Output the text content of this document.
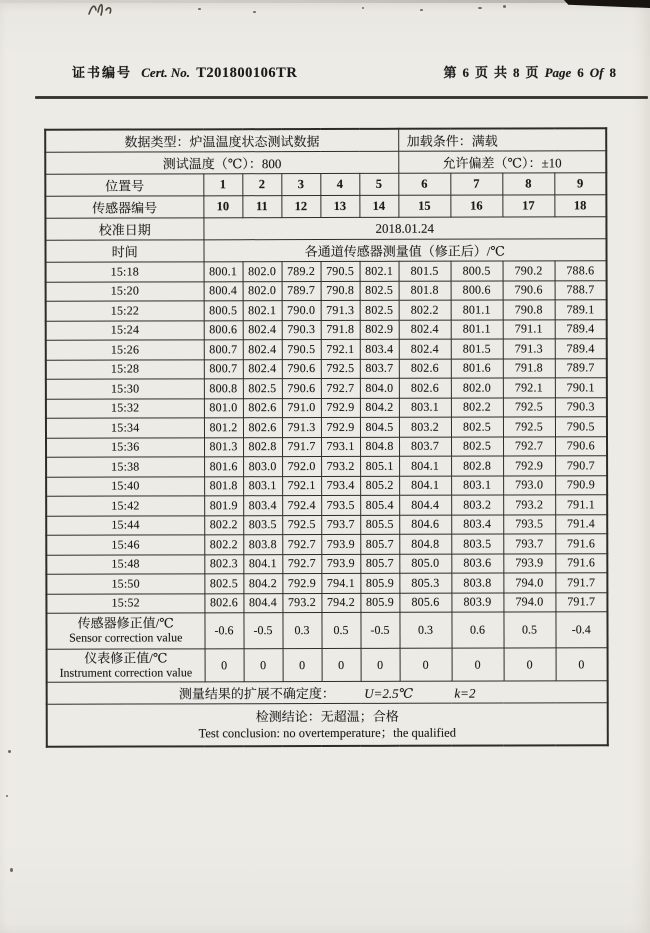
证书编号 Cert. No. T201800106TR	第 6 页 共 8 页 Page 6 Of 8
数据类型：炉温温度状态测试数据						加载条件：满载			
测试温度（℃）：800						允许偏差（℃）：±10			
位置号	1	2	3	4	5	6	7	8	9
传感器编号	10	11	12	13	14	15	16	17	18
校准日期	2018.01.24								
时间	各通道传感器测量值（修正后）/℃								
15:18	800.1	802.0	789.2	790.5	802.1	801.5	800.5	790.2	788.6
15:20	800.4	802.0	789.7	790.8	802.5	801.8	800.6	790.6	788.7
15:22	800.5	802.1	790.0	791.3	802.5	802.2	801.1	790.8	789.1
15:24	800.6	802.4	790.3	791.8	802.9	802.4	801.1	791.1	789.4
15:26	800.7	802.4	790.5	792.1	803.4	802.4	801.5	791.3	789.4
15:28	800.7	802.4	790.6	792.5	803.7	802.6	801.6	791.8	789.7
15:30	800.8	802.5	790.6	792.7	804.0	802.6	802.0	792.1	790.1
15:32	801.0	802.6	791.0	792.9	804.2	803.1	802.2	792.5	790.3
15:34	801.2	802.6	791.3	792.9	804.5	803.2	802.5	792.5	790.5
15:36	801.3	802.8	791.7	793.1	804.8	803.7	802.5	792.7	790.6
15:38	801.6	803.0	792.0	793.2	805.1	804.1	802.8	792.9	790.7
15:40	801.8	803.1	792.1	793.4	805.2	804.1	803.1	793.0	790.9
15:42	801.9	803.4	792.4	793.5	805.4	804.4	803.2	793.2	791.1
15:44	802.2	803.5	792.5	793.7	805.5	804.6	803.4	793.5	791.4
15:46	802.2	803.8	792.7	793.9	805.7	804.8	803.5	793.7	791.6
15:48	802.3	804.1	792.7	793.9	805.7	805.0	803.6	793.9	791.6
15:50	802.5	804.2	792.9	794.1	805.9	805.3	803.8	794.0	791.7
15:52	802.6	804.4	793.2	794.2	805.9	805.6	803.9	794.0	791.7

传感器修正值/℃
Sensor correction value	-0.6	-0.5	0.3	0.5	-0.5	0.3	0.6	0.5	-0.4

仪表修正值/℃
Instrument correction value	0	0	0	0	0	0	0	0	0
测量结果的扩展不确定度： U=2.5℃ k=2									

检测结论：无超温；合格
Test conclusion: no overtemperature；the qualified									
